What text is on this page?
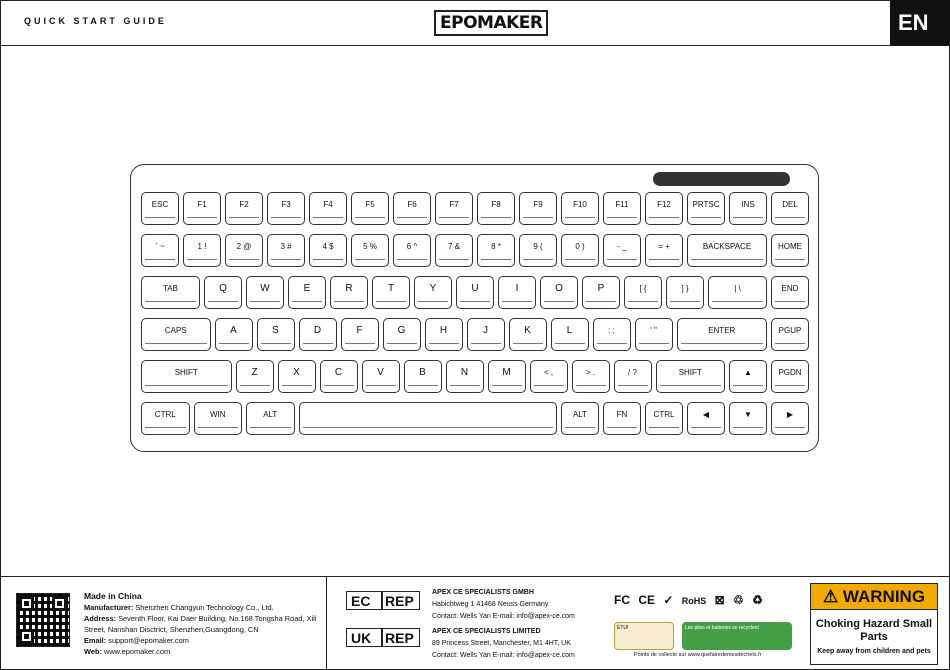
QUICK START GUIDE	EPOMAKER	EN
ESC	F1	F2	F3	F4	F5	F6	F7	F8	F9	F10	F11	F12	PRTSC	INS	DEL
` ~	1 !	2 @	3 #	4 $	5 %	6 ^	7 &	8 *	9 (	0 )	- _	= +	BACKSPACE	HOME
TAB	Q	W	E	R	T	Y	U	I	O	P	[ {	] }	| \	END
CAPS	A	S	D	F	G	H	J	K	L	: ;	' "	ENTER	PGUP
SHIFT	Z	X	C	V	B	N	M	< ,	> .	/ ?	SHIFT	▲	PGDN
CTRL	WIN	ALT	ALT	FN	CTRL	◀	▼	▶
Made in China
Manufacturer: Shenzhen Changyun Technology Co., Ltd.
Address: Seventh Floor, Kai Daer Building, No.168 Tongsha Road, Xili Street, Nanshan Disctrict, Shenzhen,Guangdong, CN
Email: support@epomaker.com
Web: www.epomaker.com
EC REP
APEX CE SPECIALISTS GMBH
Habichtweg 1 41468 Neuss Germany
Contact: Wells Yan E-mail: info@apex-ce.com
UK REP	APEX CE SPECIALISTS LIMITED
89 Princess Street, Manchester, M1 4HT, UK
Contact: Wells Yan E-mail: info@apex-ce.com
FC CE ✓ RoHS ⊠ ♲ ♻
ÉTUI	Les piles et batteries se recyclent
Points de collecte sur www.quefairedemesdechets.fr
⚠ WARNING
Choking Hazard Small Parts
Keep away from children and pets
